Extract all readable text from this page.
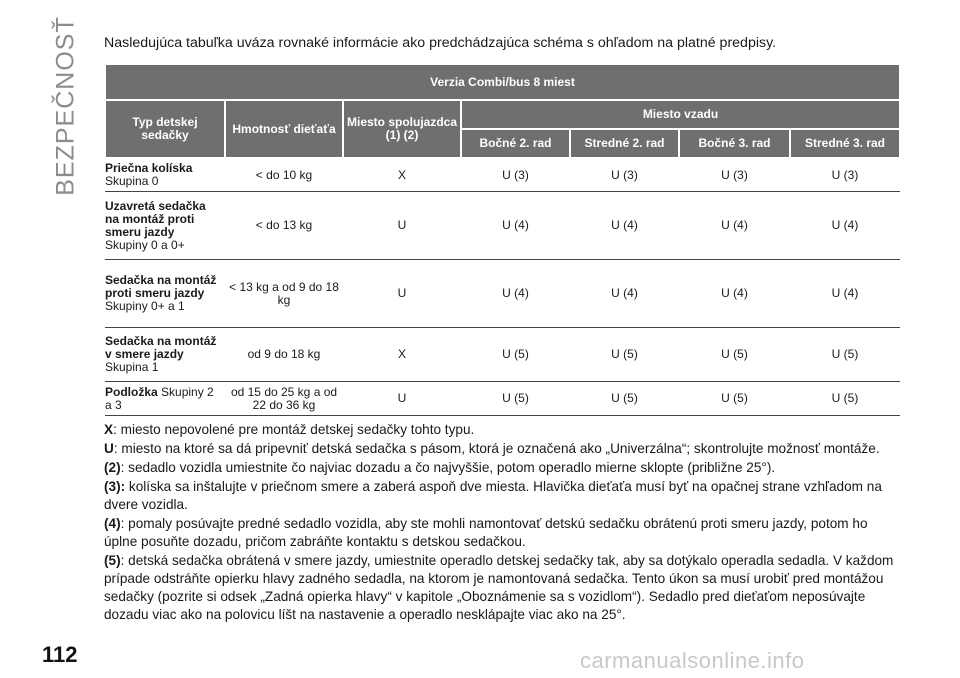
BEZPEČNOSŤ Nasledujúca tabuľka uváza rovnaké informácie ako predchádzajúca schéma s ohľadom na platné predpisy.
Verzia Combi/bus 8 miest						
Typ detskej sedačky	Hmotnosť dieťaťa	Miesto spolujazdca (1) (2)	Miesto vzadu			
			Bočné 2. rad	Stredné 2. rad	Bočné 3. rad	Stredné 3. rad
Priečna kolíska
Skupina 0	< do 10 kg	X	U (3)	U (3)	U (3)	U (3)
Uzavretá sedačka na montáž proti smeru jazdy
Skupiny 0 a 0+	< do 13 kg	U	U (4)	U (4)	U (4)	U (4)
Sedačka na montáž proti smeru jazdy
Skupiny 0+ a 1	< 13 kg a od 9 do 18 kg	U	U (4)	U (4)	U (4)	U (4)
Sedačka na montáž v smere jazdy Skupina 1	od 9 do 18 kg	X	U (5)	U (5)	U (5)	U (5)
Podložka Skupiny 2 a 3	od 15 do 25 kg a od 22 do 36 kg	U	U (5)	U (5)	U (5)	U (5)

X: miesto nepovolené pre montáž detskej sedačky tohto typu.

U: miesto na ktoré sa dá pripevniť detská sedačka s pásom, ktorá je označená ako „Univerzálna“; skontrolujte možnosť montáže.

(2): sedadlo vozidla umiestnite čo najviac dozadu a čo najvyššie, potom operadlo mierne sklopte (približne 25°).

(3): kolíska sa inštalujte v priečnom smere a zaberá aspoň dve miesta. Hlavička dieťaťa musí byť na opačnej strane vzhľadom na dvere vozidla.

(4): pomaly posúvajte predné sedadlo vozidla, aby ste mohli namontovať detskú sedačku obrátenú proti smeru jazdy, potom ho úplne posuňte dozadu, pričom zabráňte kontaktu s detskou sedačkou.

(5): detská sedačka obrátená v smere jazdy, umiestnite operadlo detskej sedačky tak, aby sa dotýkalo operadla sedadla. V každom prípade odstráňte opierku hlavy zadného sedadla, na ktorom je namontovaná sedačka. Tento úkon sa musí urobiť pred montážou sedačky (pozrite si odsek „Zadná opierka hlavy“ v kapitole „Oboznámenie sa s vozidlom“). Sedadlo pred dieťaťom neposúvajte dozadu viac ako na polovicu líšt na nastavenie a operadlo nesklápajte viac ako na 25°.

112	carmanualsonline.info
